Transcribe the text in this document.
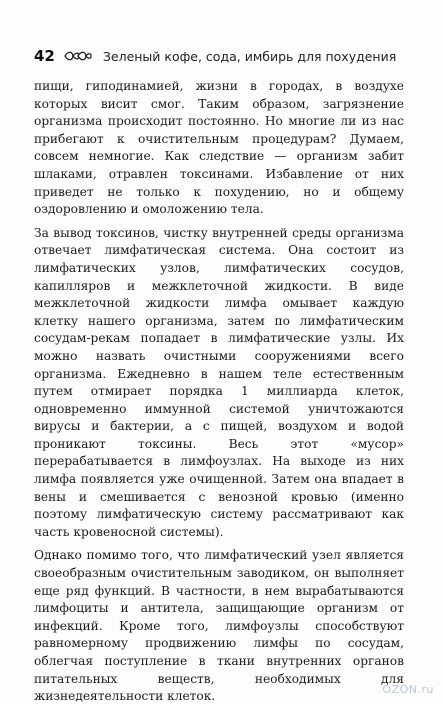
42	Зеленый кофе, сода, имбирь для похудения

пищи, гиподинамией, жизни в городах, в воздухе которых висит смог. Таким образом, загрязнение организма происходит постоянно. Но многие ли из нас прибегают к очистительным процедурам? Думаем, совсем немногие. Как следствие — организм забит шлаками, отравлен токсинами. Избавление от них приведет не только к похудению, но и общему оздоровлению и омоложению тела.

За вывод токсинов, чистку внутренней среды организма отвечает лимфатическая система. Она состоит из лимфатических узлов, лимфатических сосудов, капилляров и межклеточной жидкости. В виде межклеточной жидкости лимфа омывает каждую клетку нашего организма, затем по лимфатическим сосудам-рекам попадает в лимфатические узлы. Их можно назвать очистными сооружениями всего организма. Ежедневно в нашем теле естественным путем отмирает порядка 1 миллиарда клеток, одновременно иммунной системой уничтожаются вирусы и бактерии, а с пищей, воздухом и водой проникают токсины. Весь этот «мусор» перерабатывается в лимфоузлах. На выходе из них лимфа появляется уже очищенной. Затем она впадает в вены и смешивается с венозной кровью (именно поэтому лимфатическую систему рассматривают как часть кровеносной системы).

Однако помимо того, что лимфатический узел является своеобразным очистительным заводиком, он выполняет еще ряд функций. В частности, в нем вырабатываются лимфоциты и антитела, защищающие организм от инфекций. Кроме того, лимфоузлы способствуют равномерному продвижению лимфы по сосудам, облегчая поступление в ткани внутренних органов питательных веществ, необходимых для жизнедеятельности клеток.	OZON.ru
